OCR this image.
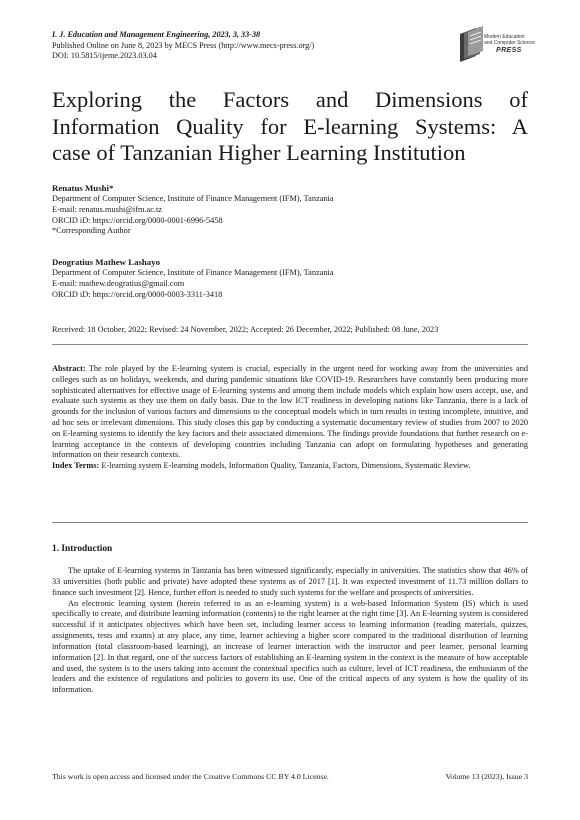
I. J. Education and Management Engineering, 2023, 3, 33-38
Published Online on June 8, 2023 by MECS Press (http://www.mecs-press.org/)
DOI: 10.5815/ijeme.2023.03.04
Modern Education
and Computer Science
PRESS
Exploring the Factors and Dimensions of
Information Quality for E-learning Systems: A
case of Tanzanian Higher Learning Institution
Renatus Mushi*
Department of Computer Science, Institute of Finance Management (IFM), Tanzania
E-mail: renatus.mushi@ifm.ac.tz
ORCID iD: https://orcid.org/0000-0001-6996-5458
*Corresponding Author
Deogratius Mathew Lashayo
Department of Computer Science, Institute of Finance Management (IFM), Tanzania
E-mail: mathew.deogratius@gmail.com
ORCID iD: https://orcid.org/0000-0003-3311-3418
Received: 18 October, 2022; Revised: 24 November, 2022; Accepted: 26 December, 2022; Published: 08 June, 2023
Abstract: The role played by the E-learning system is crucial, especially in the urgent need for working away from the universities and colleges such as on holidays, weekends, and during pandemic situations like COVID-19. Researchers have constantly been producing more sophisticated alternatives for effective usage of E-learning systems and among them include models which explain how users accept, use, and evaluate such systems as they use them on daily basis. Due to the low ICT readiness in developing nations like Tanzania, there is a lack of grounds for the inclusion of various factors and dimensions to the conceptual models which in turn results in testing incomplete, intuitive, and ad hoc sets or irrelevant dimensions. This study closes this gap by conducting a systematic documentary review of studies from 2007 to 2020 on E-learning systems to identify the key factors and their associated dimensions. The findings provide foundations that further research on e-learning acceptance in the contexts of developing countries including Tanzania can adopt on formulating hypotheses and generating information on their research contexts.
Index Terms: E-learning system E-learning models, Information Quality, Tanzania, Factors, Dimensions, Systematic Review.
1. Introduction

The uptake of E-learning systems in Tanzania has been witnessed significantly, especially in universities. The statistics show that 46% of 33 universities (both public and private) have adopted these systems as of 2017 [1]. It was expected investment of 11.73 million dollars to finance such investment [2]. Hence, further effort is needed to study such systems for the welfare and prospects of universities.

An electronic learning system (herein referred to as an e-learning system) is a web-based Information System (IS) which is used specifically to create, and distribute learning information (contents) to the right learner at the right time [3]. An E-learning system is considered successful if it anticipates objectives which have been set, including learner access to learning information (reading materials, quizzes, assignments, tests and exams) at any place, any time, learner achieving a higher score compared to the traditional distribution of learning information (total classroom-based learning), an increase of learner interaction with the instructor and peer learner, personal learning information [2]. In that regard, one of the success factors of establishing an E-learning system in the context is the measure of how acceptable and used, the system is to the users taking into account the contextual specifics such as culture, level of ICT readiness, the enthusiasm of the leaders and the existence of regulations and policies to govern its use. One of the critical aspects of any system is how the quality of its information.

This work is open access and licensed under the Creative Commons CC BY 4.0 License.	Volume 13 (2023), Issue 3
